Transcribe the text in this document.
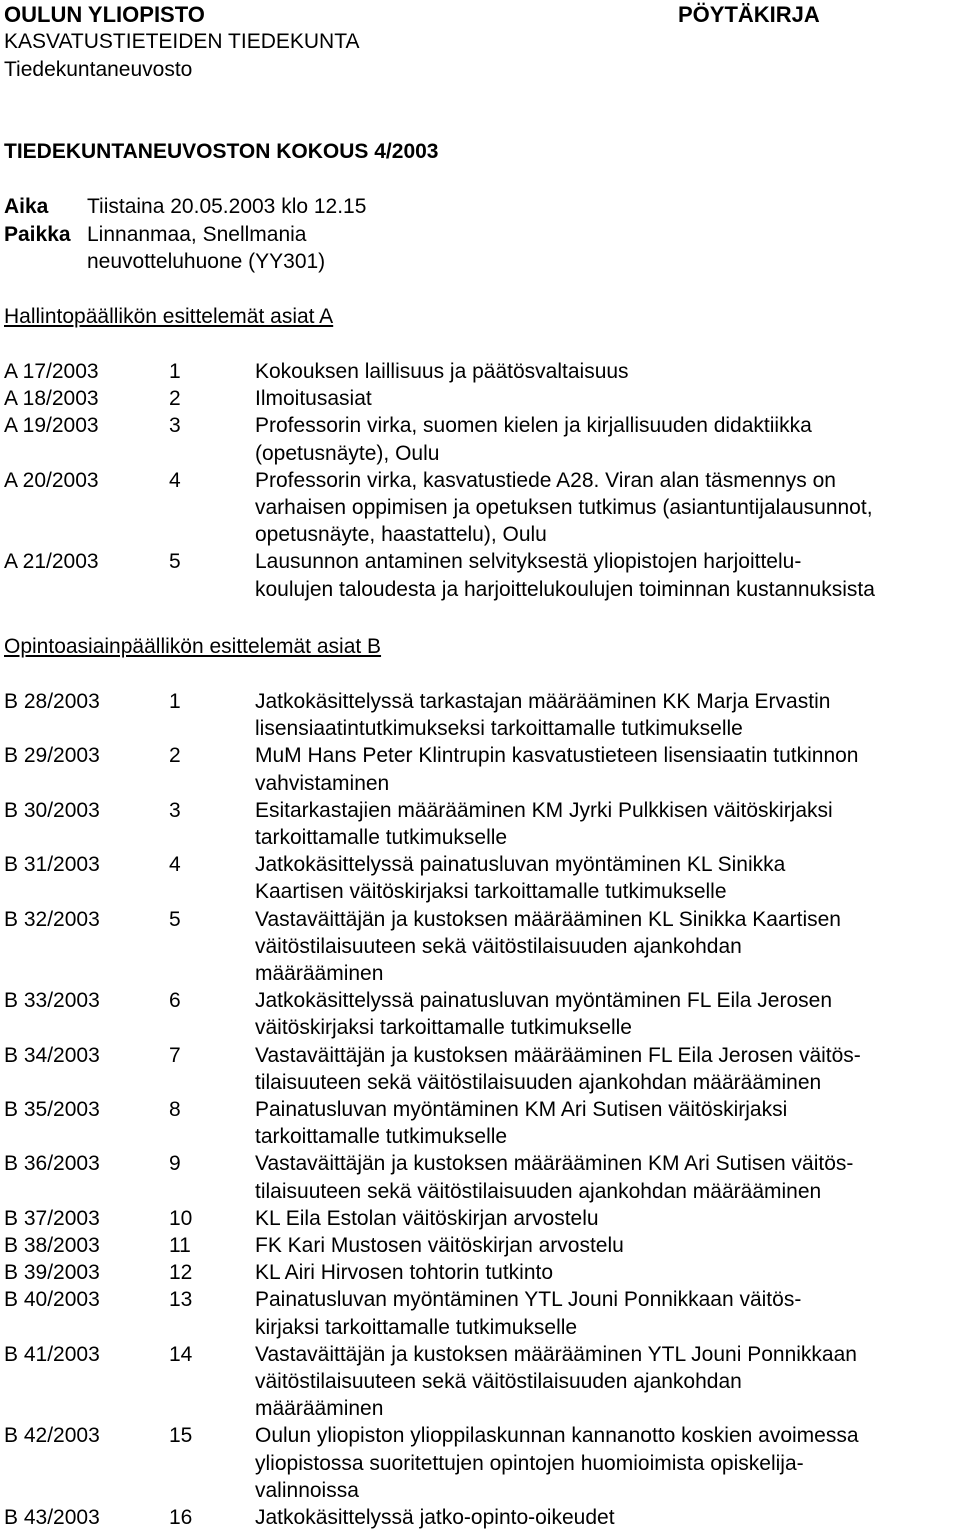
OULUN YLIOPISTO	PÖYTÄKIRJA
KASVATUSTIETEIDEN TIEDEKUNTA
Tiedekuntaneuvosto
TIEDEKUNTANEUVOSTON KOKOUS 4/2003
Aika Tiistaina 20.05.2003 klo 12.15
Paikka Linnanmaa, Snellmania
neuvotteluhuone (YY301)
Hallintopäällikön esittelemät asiat A
A 17/2003	1	Kokouksen laillisuus ja päätösvaltaisuus
A 18/2003	2	Ilmoitusasiat
A 19/2003	3	Professorin virka, suomen kielen ja kirjallisuuden didaktiikka
(opetusnäyte), Oulu
A 20/2003	4	Professorin virka, kasvatustiede A28. Viran alan täsmennys on
varhaisen oppimisen ja opetuksen tutkimus (asiantuntijalausunnot,
opetusnäyte, haastattelu), Oulu
A 21/2003	5	Lausunnon antaminen selvityksestä yliopistojen harjoittelu-
koulujen taloudesta ja harjoittelukoulujen toiminnan kustannuksista
Opintoasiainpäällikön esittelemät asiat B
B 28/2003	1	Jatkokäsittelyssä tarkastajan määrääminen KK Marja Ervastin
lisensiaatintutkimukseksi tarkoittamalle tutkimukselle
B 29/2003	2	MuM Hans Peter Klintrupin kasvatustieteen lisensiaatin tutkinnon
vahvistaminen
B 30/2003	3	Esitarkastajien määrääminen KM Jyrki Pulkkisen väitöskirjaksi
tarkoittamalle tutkimukselle
B 31/2003	4	Jatkokäsittelyssä painatusluvan myöntäminen KL Sinikka
Kaartisen väitöskirjaksi tarkoittamalle tutkimukselle
B 32/2003	5	Vastaväittäjän ja kustoksen määrääminen KL Sinikka Kaartisen
väitöstilaisuuteen sekä väitöstilaisuuden ajankohdan
määrääminen
B 33/2003	6	Jatkokäsittelyssä painatusluvan myöntäminen FL Eila Jerosen
väitöskirjaksi tarkoittamalle tutkimukselle
B 34/2003	7	Vastaväittäjän ja kustoksen määrääminen FL Eila Jerosen väitös-
tilaisuuteen sekä väitöstilaisuuden ajankohdan määrääminen
B 35/2003	8	Painatusluvan myöntäminen KM Ari Sutisen väitöskirjaksi
tarkoittamalle tutkimukselle
B 36/2003	9	Vastaväittäjän ja kustoksen määrääminen KM Ari Sutisen väitös-
tilaisuuteen sekä väitöstilaisuuden ajankohdan määrääminen
B 37/2003	10	KL Eila Estolan väitöskirjan arvostelu
B 38/2003	11	FK Kari Mustosen väitöskirjan arvostelu
B 39/2003	12	KL Airi Hirvosen tohtorin tutkinto
B 40/2003	13	Painatusluvan myöntäminen YTL Jouni Ponnikkaan väitös-
kirjaksi tarkoittamalle tutkimukselle
B 41/2003	14	Vastaväittäjän ja kustoksen määrääminen YTL Jouni Ponnikkaan
väitöstilaisuuteen sekä väitöstilaisuuden ajankohdan
määrääminen
B 42/2003	15	Oulun yliopiston ylioppilaskunnan kannanotto koskien avoimessa
yliopistossa suoritettujen opintojen huomioimista opiskelija-
valinnoissa
B 43/2003	16	Jatkokäsittelyssä jatko-opinto-oikeudet
